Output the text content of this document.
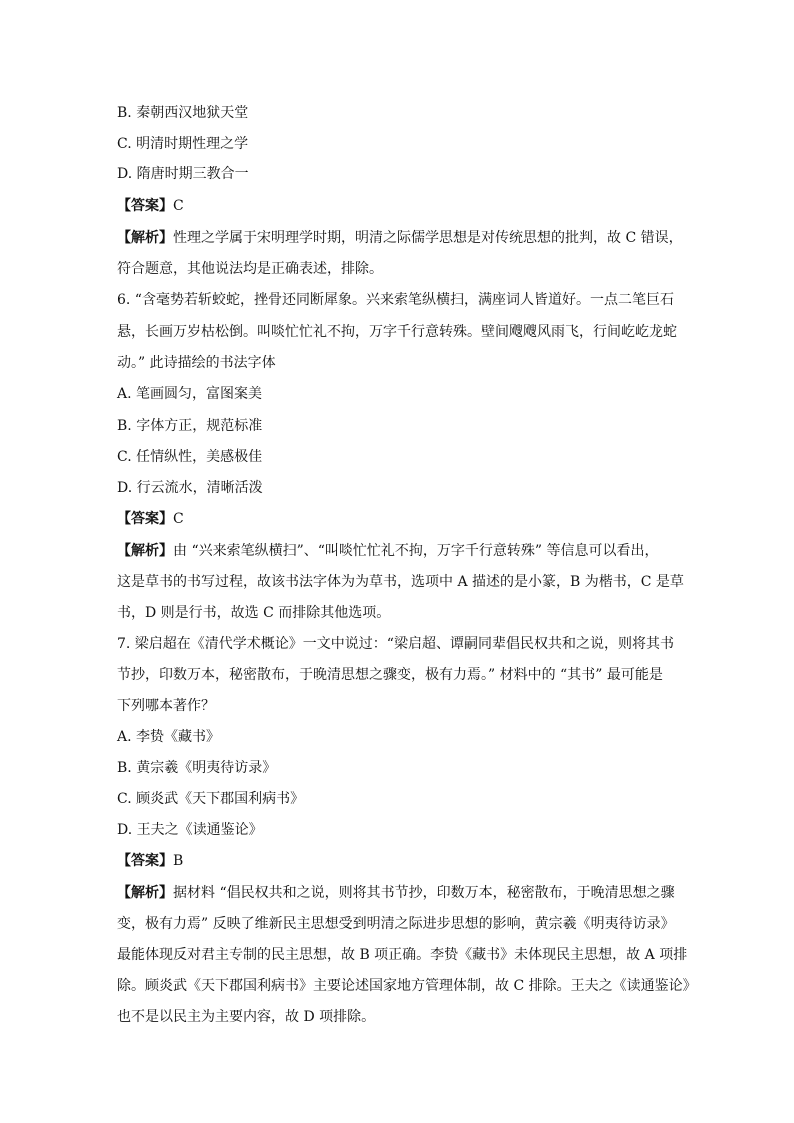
B. 秦朝西汉地狱天堂
C. 明清时期性理之学
D. 隋唐时期三教合一
【答案】C
【解析】性理之学属于宋明理学时期，明清之际儒学思想是对传统思想的批判，故 C 错误，
符合题意，其他说法均是正确表述，排除。
6. “含毫势若斩蛟蛇，挫骨还同断犀象。兴来索笔纵横扫，满座词人皆道好。一点二笔巨石
悬，长画万岁枯松倒。叫啖忙忙礼不拘，万字千行意转殊。壁间飕飕风雨飞，行间屹屹龙蛇
动。” 此诗描绘的书法字体
A. 笔画圆匀，富图案美
B. 字体方正，规范标准
C. 任情纵性，美感极佳
D. 行云流水，清晰活泼
【答案】C
【解析】由 “兴来索笔纵横扫”、“叫啖忙忙礼不拘，万字千行意转殊” 等信息可以看出，
这是草书的书写过程，故该书法字体为为草书，选项中 A 描述的是小篆，B 为楷书，C 是草
书，D 则是行书，故选 C 而排除其他选项。
7. 梁启超在《清代学术概论》一文中说过：“梁启超、谭嗣同辈倡民权共和之说，则将其书
节抄，印数万本，秘密散布，于晚清思想之骤变，极有力焉。” 材料中的 “其书” 最可能是
下列哪本著作？
A. 李贽《藏书》
B. 黄宗羲《明夷待访录》
C. 顾炎武《天下郡国利病书》
D. 王夫之《读通鉴论》
【答案】B
【解析】据材料 “倡民权共和之说，则将其书节抄，印数万本，秘密散布，于晚清思想之骤
变，极有力焉” 反映了维新民主思想受到明清之际进步思想的影响，黄宗羲《明夷待访录》
最能体现反对君主专制的民主思想，故 B 项正确。李贽《藏书》未体现民主思想，故 A 项排
除。顾炎武《天下郡国利病书》主要论述国家地方管理体制，故 C 排除。王夫之《读通鉴论》
也不是以民主为主要内容，故 D 项排除。
